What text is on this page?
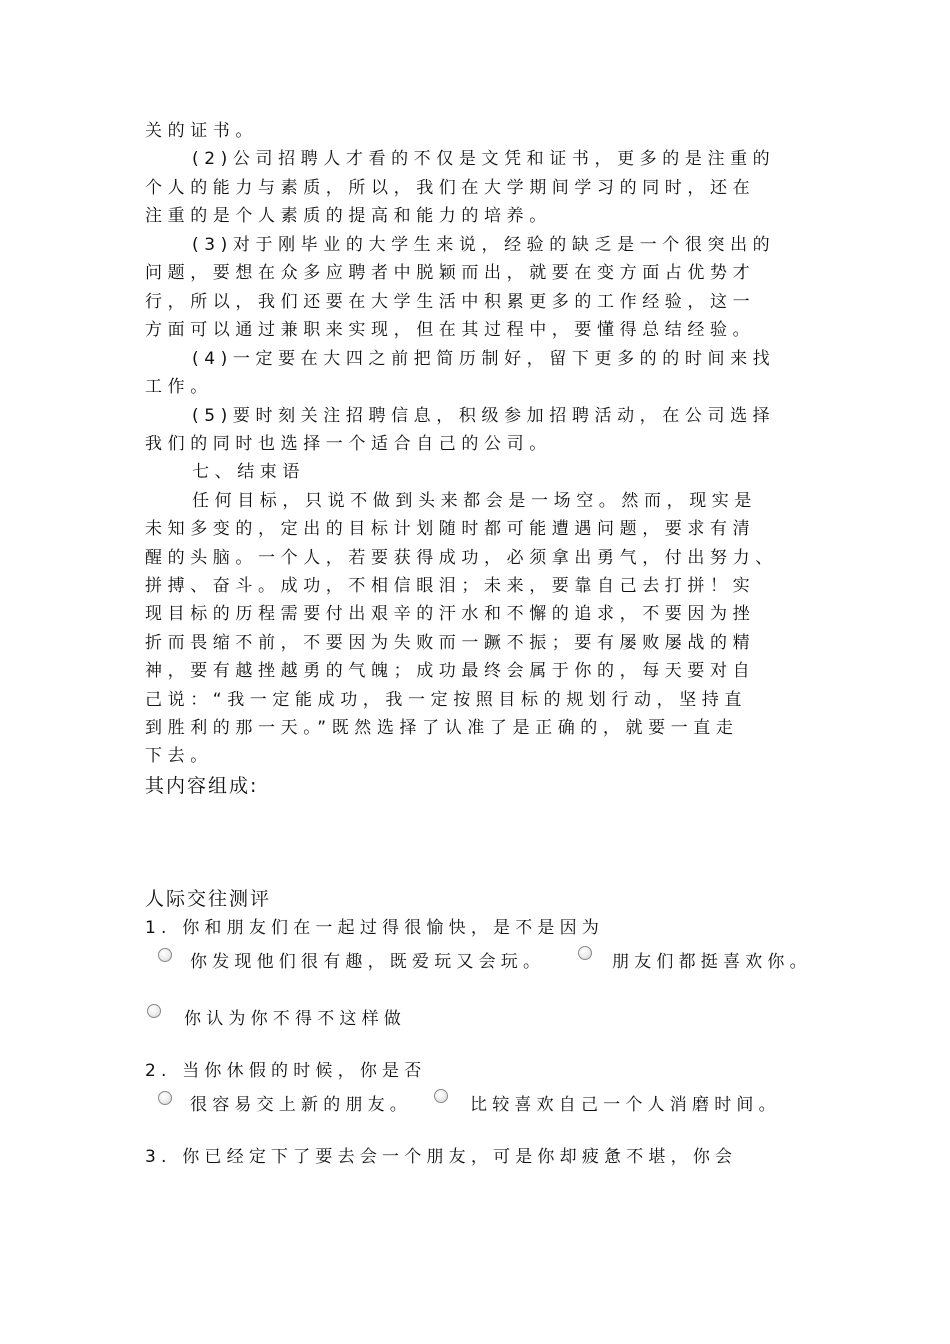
关的证书。
(2)公司招聘人才看的不仅是文凭和证书，更多的是注重的
个人的能力与素质，所以，我们在大学期间学习的同时，还在
注重的是个人素质的提高和能力的培养。
(3)对于刚毕业的大学生来说，经验的缺乏是一个很突出的
问题，要想在众多应聘者中脱颖而出，就要在变方面占优势才
行，所以，我们还要在大学生活中积累更多的工作经验，这一
方面可以通过兼职来实现，但在其过程中，要懂得总结经验。
(4)一定要在大四之前把简历制好，留下更多的的时间来找
工作。
(5)要时刻关注招聘信息，积级参加招聘活动，在公司选择
我们的同时也选择一个适合自己的公司。
七、结束语
任何目标，只说不做到头来都会是一场空。然而，现实是
未知多变的，定出的目标计划随时都可能遭遇问题，要求有清
醒的头脑。一个人，若要获得成功，必须拿出勇气，付出努力、
拼搏、奋斗。成功，不相信眼泪；未来，要靠自己去打拼！实
现目标的历程需要付出艰辛的汗水和不懈的追求，不要因为挫
折而畏缩不前，不要因为失败而一蹶不振；要有屡败屡战的精
神，要有越挫越勇的气魄；成功最终会属于你的，每天要对自
己说：“我一定能成功，我一定按照目标的规划行动，坚持直
到胜利的那一天。”既然选择了认准了是正确的，就要一直走
下去。
其内容组成:
人际交往测评
1. 你和朋友们在一起过得很愉快，是不是因为
你发现他们很有趣，既爱玩又会玩。	朋友们都挺喜欢你。
你认为你不得不这样做
2. 当你休假的时候，你是否
很容易交上新的朋友。	比较喜欢自己一个人消磨时间。
3. 你已经定下了要去会一个朋友，可是你却疲惫不堪，你会
